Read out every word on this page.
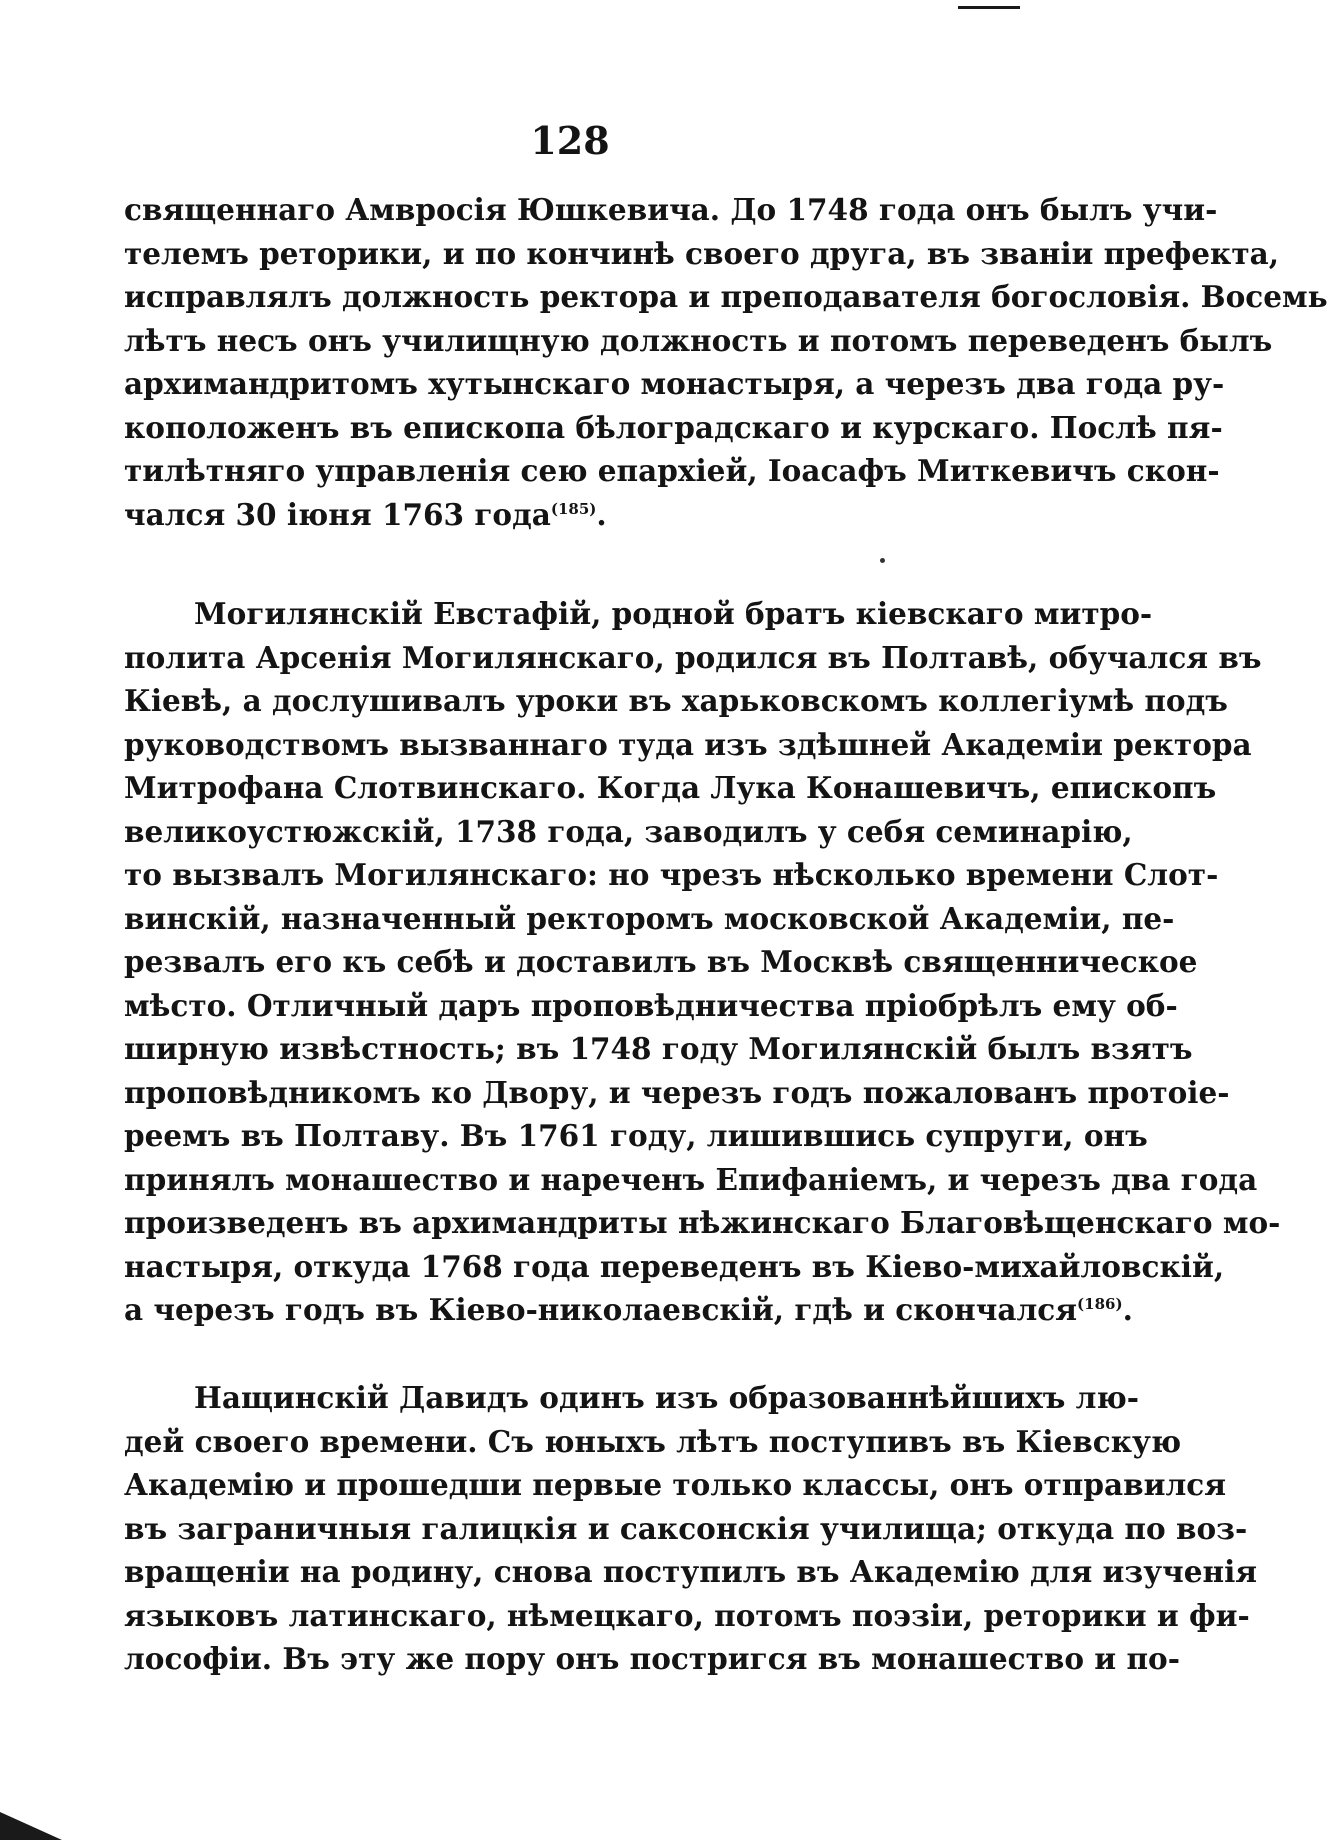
128
священнаго Амвросія Юшкевича. До 1748 года онъ былъ учи-
телемъ реторики, и по кончинѣ своего друга, въ званіи префекта,
исправлялъ должность ректора и преподавателя богословія. Восемь
лѣтъ несъ онъ училищную должность и потомъ переведенъ былъ
архимандритомъ хутынскаго монастыря, а черезъ два года ру-
коположенъ въ епископа бѣлоградскаго и курскаго. Послѣ пя-
тилѣтняго управленія сею епархіей, Іоасафъ Миткевичъ скон-
чался 30 іюня 1763 года$^{(185)}$.
Могилянскій Евстафій, родной братъ кіевскаго митро-
полита Арсенія Могилянскаго, родился въ Полтавѣ, обучался въ
Кіевѣ, а дослушивалъ уроки въ харьковскомъ коллегіумѣ подъ
руководствомъ вызваннаго туда изъ здѣшней Академіи ректора
Митрофана Слотвинскаго. Когда Лука Конашевичъ, епископъ
великоустюжскій, 1738 года, заводилъ у себя семинарію,
то вызвалъ Могилянскаго: но чрезъ нѣсколько времени Слот-
винскій, назначенный ректоромъ московской Академіи, пе-
резвалъ его къ себѣ и доставилъ въ Москвѣ священническое
мѣсто. Отличный даръ проповѣдничества пріобрѣлъ ему об-
ширную извѣстность; въ 1748 году Могилянскій былъ взятъ
проповѣдникомъ ко Двору, и черезъ годъ пожалованъ протоіе-
реемъ въ Полтаву. Въ 1761 году, лишившись супруги, онъ
принялъ монашество и нареченъ Епифаніемъ, и черезъ два года
произведенъ въ архимандриты нѣжинскаго Благовѣщенскаго мо-
настыря, откуда 1768 года переведенъ въ Кіево-михайловскій,
а черезъ годъ въ Кіево-николаевскій, гдѣ и скончался$^{(186)}$.
Нащинскій Давидъ одинъ изъ образованнѣйшихъ лю-
дей своего времени. Съ юныхъ лѣтъ поступивъ въ Кіевскую
Академію и прошедши первые только классы, онъ отправился
въ заграничныя галицкія и саксонскія училища; откуда по воз-
вращеніи на родину, снова поступилъ въ Академію для изученія
языковъ латинскаго, нѣмецкаго, потомъ поэзіи, реторики и фи-
лософіи. Въ эту же пору онъ постригся въ монашество и по-
